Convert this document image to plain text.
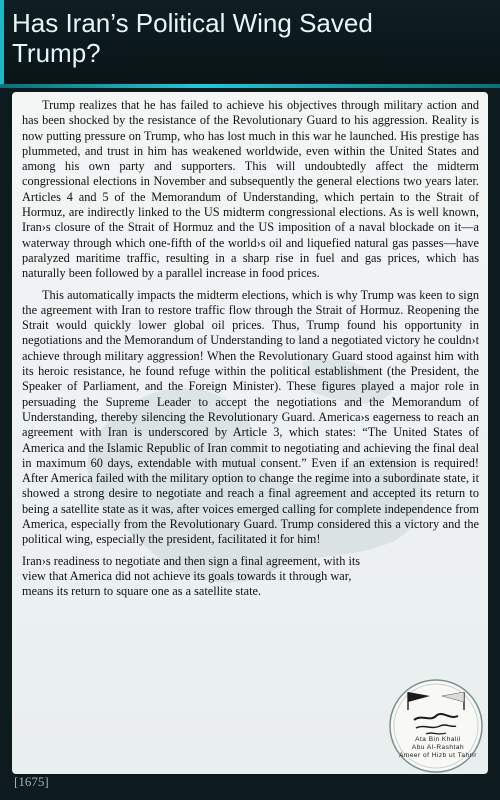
Has Iran’s Political Wing Saved Trump?

Trump realizes that he has failed to achieve his objectives through military action and has been shocked by the resistance of the Revolutionary Guard to his aggression. Reality is now putting pressure on Trump, who has lost much in this war he launched. His prestige has plummeted, and trust in him has weakened worldwide, even within the United States and among his own party and supporters. This will undoubtedly affect the midterm congressional elections in November and subsequently the general elections two years later. Articles 4 and 5 of the Memorandum of Understanding, which pertain to the Strait of Hormuz, are indirectly linked to the US midterm congressional elections. As is well known, Iran›s closure of the Strait of Hormuz and the US imposition of a naval blockade on it—a waterway through which one-fifth of the world›s oil and liquefied natural gas passes—have paralyzed maritime traffic, resulting in a sharp rise in fuel and gas prices, which has naturally been followed by a parallel increase in food prices.

This automatically impacts the midterm elections, which is why Trump was keen to sign the agreement with Iran to restore traffic flow through the Strait of Hormuz. Reopening the Strait would quickly lower global oil prices. Thus, Trump found his opportunity in negotiations and the Memorandum of Understanding to land a negotiated victory he couldn›t achieve through military aggression! When the Revolutionary Guard stood against him with its heroic resistance, he found refuge within the political establishment (the President, the Speaker of Parliament, and the Foreign Minister). These figures played a major role in persuading the Supreme Leader to accept the negotiations and the Memorandum of Understanding, thereby silencing the Revolutionary Guard. America›s eagerness to reach an agreement with Iran is underscored by Article 3, which states: “The United States of America and the Islamic Republic of Iran commit to negotiating and achieving the final deal in maximum 60 days, extendable with mutual consent.” Even if an extension is required! After America failed with the military option to change the regime into a subordinate state, it showed a strong desire to negotiate and reach a final agreement and accepted its return to being a satellite state as it was, after voices emerged calling for complete independence from America, especially from the Revolutionary Guard. Trump considered this a victory and the political wing, especially the president, facilitated it for him!

Iran›s readiness to negotiate and then sign a final agreement, with its view that America did not achieve its goals towards it through war, means its return to square one as a satellite state.

Ata Bin Khalil
Abu Al-Rashtah
Ameer of Hizb ut Tahrir
[1675]
